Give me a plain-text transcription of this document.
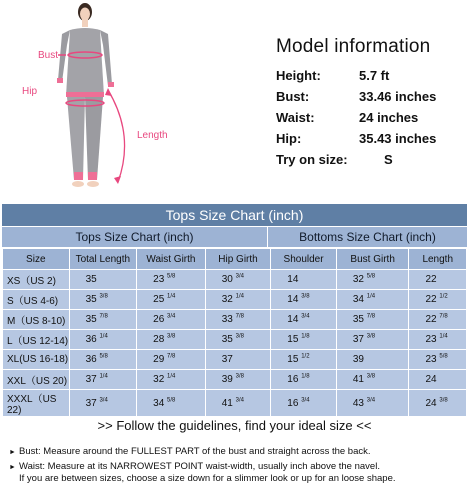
Bust
Hip
Length
Model information
Height:	5.7 ft
Bust:	33.46 inches
Waist:	24 inches
Hip:	35.43 inches
Try on size:	S
Tops Size Chart (inch)
Tops Size Chart (inch)	Bottoms Size Chart (inch)
Size	Total Length	Waist Girth	Hip Girth	Shoulder	Bust Girth	Length
XS（US 2)	35	23 $^{5/8}$	30 $^{3/4}$	14	32 $^{5/8}$	22
S（US 4-6)	35 $^{3/8}$	25 $^{1/4}$	32 $^{1/4}$	14 $^{3/8}$	34 $^{1/4}$	22 $^{1/2}$
M（US 8-10)	35 $^{7/8}$	26 $^{3/4}$	33 $^{7/8}$	14 $^{3/4}$	35 $^{7/8}$	22 $^{7/8}$
L（US 12-14)	36 $^{1/4}$	28 $^{3/8}$	35 $^{3/8}$	15 $^{1/8}$	37 $^{3/8}$	23 $^{1/4}$
XL(US 16-18)	36 $^{5/8}$	29 $^{7/8}$	37	15 $^{1/2}$	39	23 $^{5/8}$
XXL（US 20)	37 $^{1/4}$	32 $^{1/4}$	39 $^{3/8}$	16 $^{1/8}$	41 $^{3/8}$	24
XXXL（US 22)	37 $^{3/4}$	34 $^{5/8}$	41 $^{3/4}$	16 $^{3/4}$	43 $^{3/4}$	24 $^{3/8}$
>> Follow the guidelines, find your ideal size <<
► Bust: Measure around the FULLEST PART of the bust and straight across the back.
► Waist: Measure at its NARROWEST POINT waist-width, usually inch above the navel.
If you are between sizes, choose a size down for a slimmer look or up for an loose shape.
